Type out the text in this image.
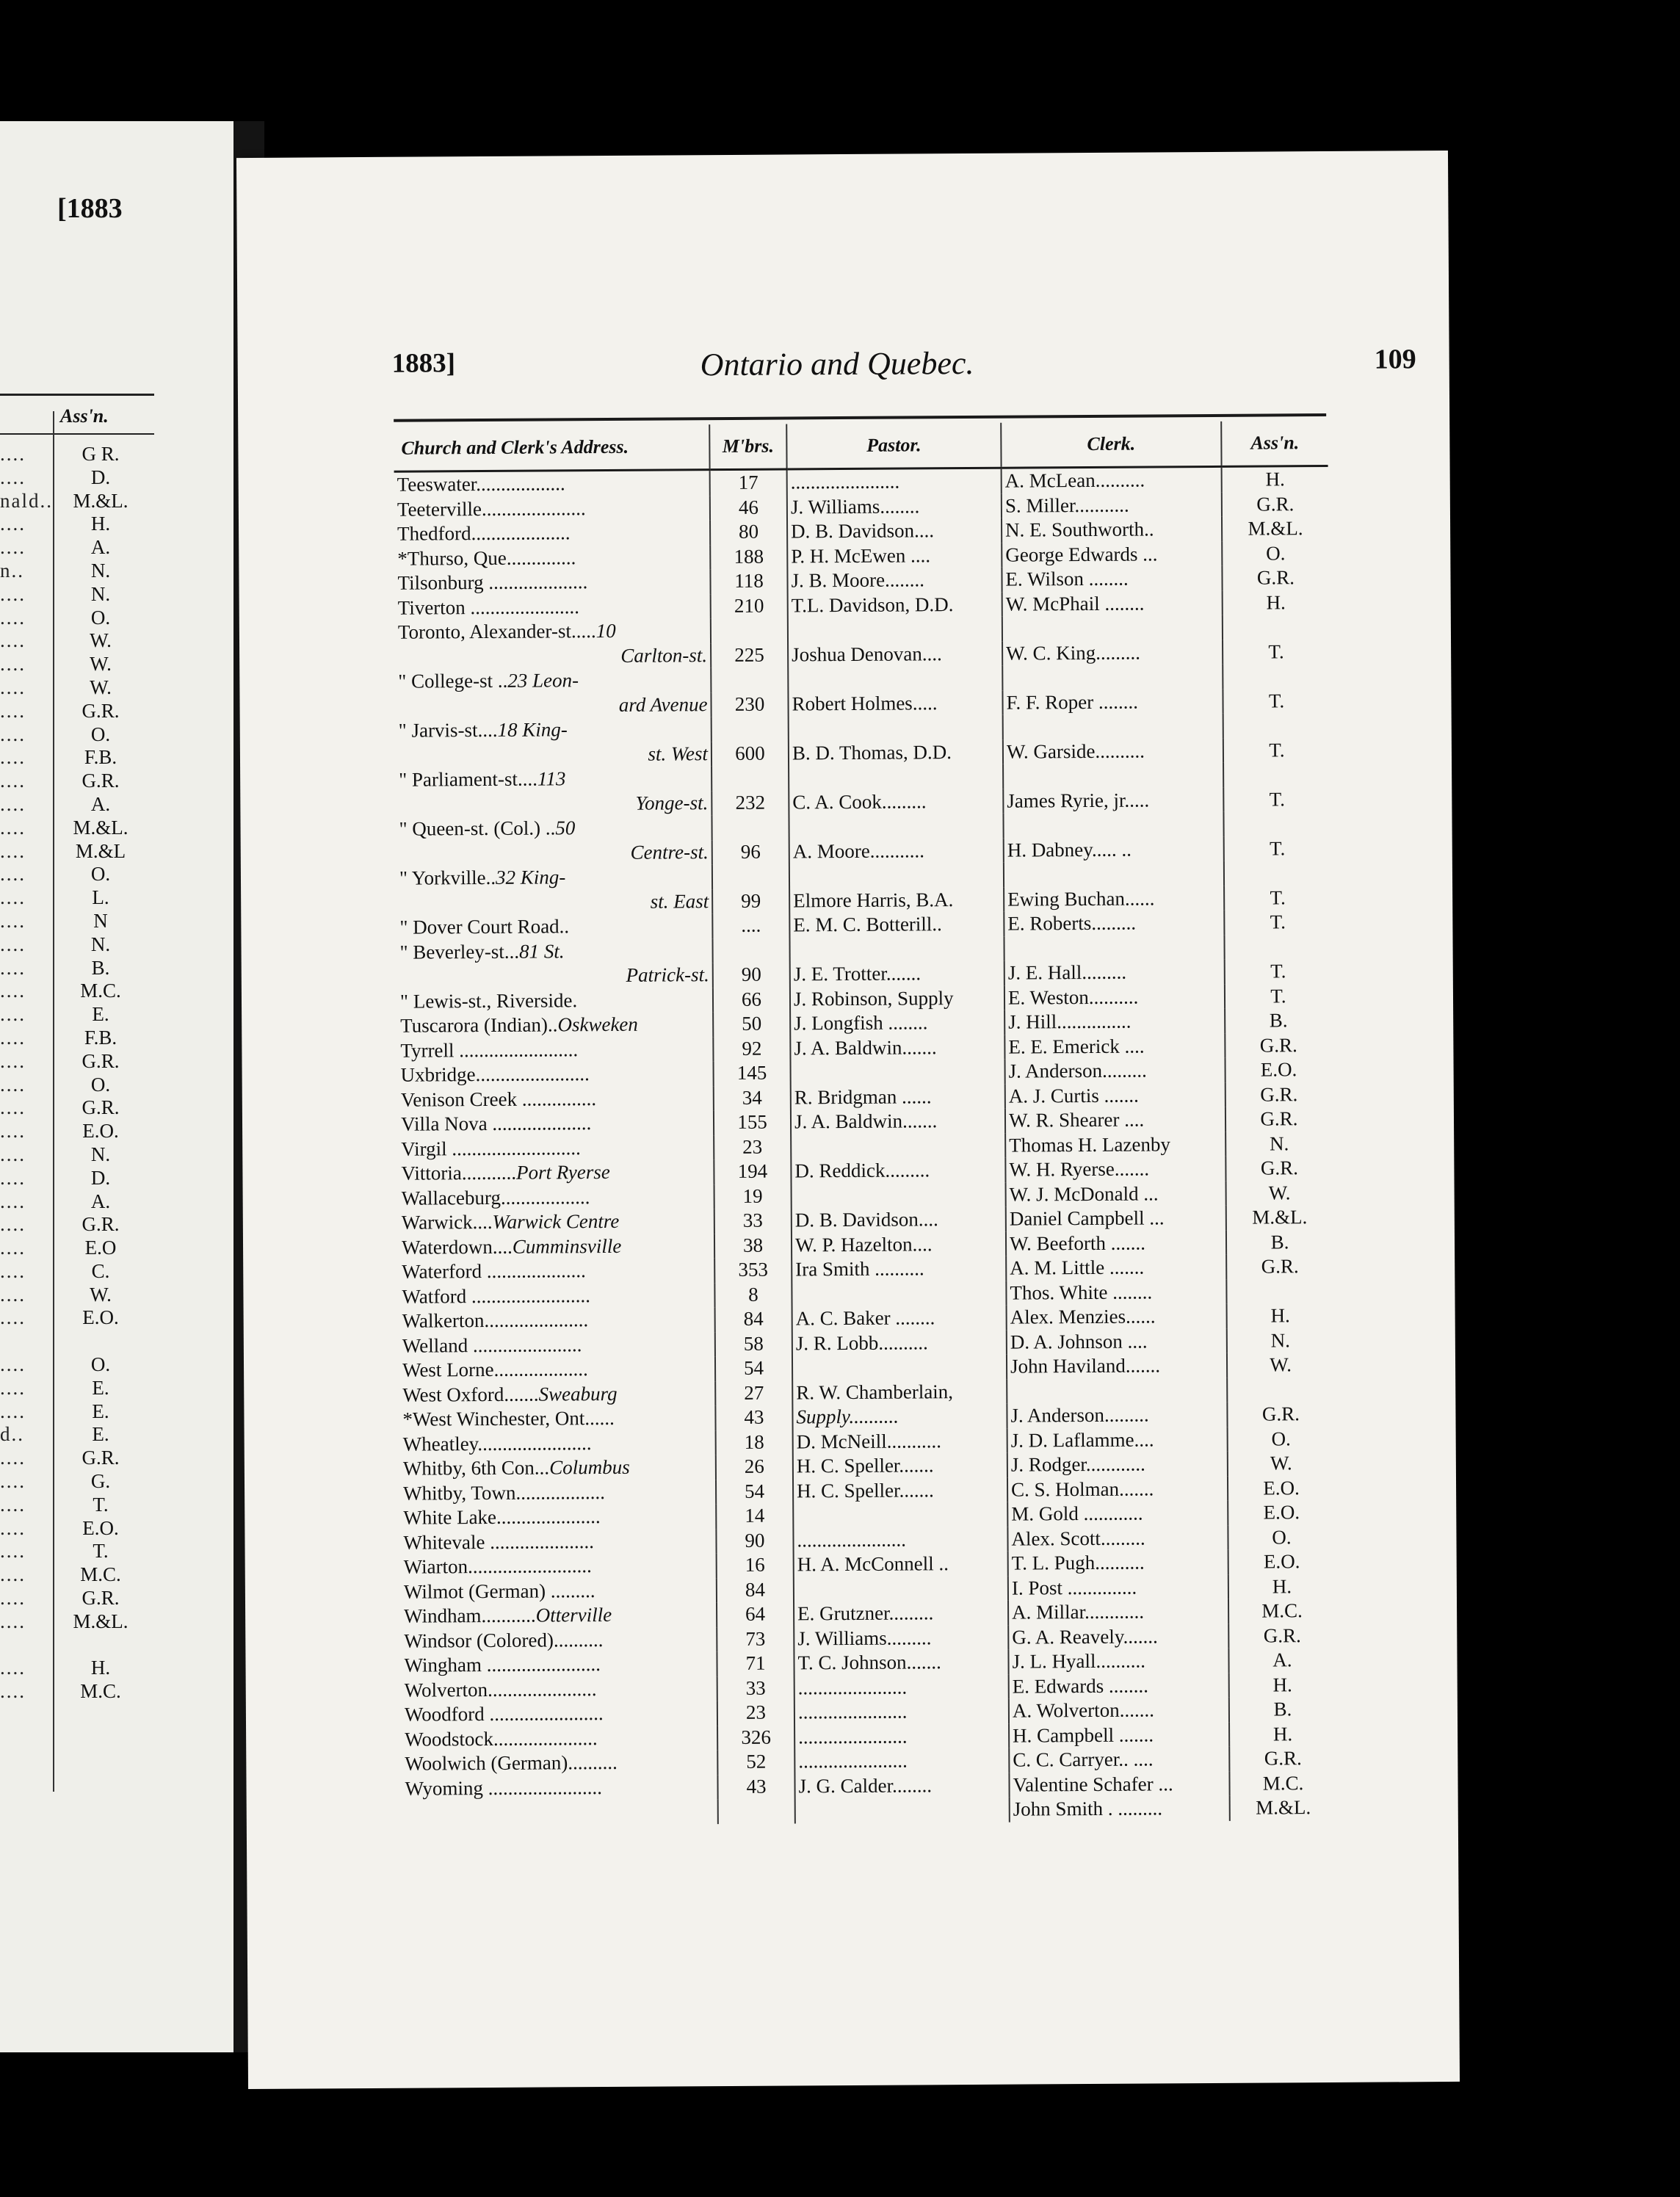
[1883
Ass'n.
....	G R.
....	D.
nald..	M.&L.
....	H.
....	A.
n..	N.
....	N.
....	O.
....	W.
....	W.
....	W.
....	G.R.
....	O.
....	F.B.
....	G.R.
....	A.
....	M.&L.
....	M.&L
....	O.
....	L.
....	N
....	N.
....	B.
....	M.C.
....	E.
....	F.B.
....	G.R.
....	O.
....	G.R.
....	E.O.
....	N.
....	D.
....	A.
....	G.R.
....	E.O
....	C.
....	W.
....	E.O.
....	O.
....	E.
....	E.
d..	E.
....	G.R.
....	G.
....	T.
....	E.O.
....	T.
....	M.C.
....	G.R.
....	M.&L.
....	H.
....	M.C.
1883]	Ontario and Quebec.	109
Church and Clerk's Address.	M'brs.	Pastor.	Clerk.	Ass'n.
Teeswater..................	17	......................	A. McLean..........	H.
Teeterville.....................	46	J. Williams........	S. Miller...........	G.R.
Thedford....................	80	D. B. Davidson....	N. E. Southworth..	M.&L.
*Thurso, Que..............	188	P. H. McEwen ....	George Edwards ...	O.
Tilsonburg ....................	118	J. B. Moore........	E. Wilson ........	G.R.
Tiverton ......................	210	T.L. Davidson, D.D.	W. McPhail ........	H.
Toronto, Alexander-st.....10				
Carlton-st.	225	Joshua Denovan....	W. C. King.........	T.
" College-st ..23 Leon-				
ard Avenue	230	Robert Holmes.....	F. F. Roper ........	T.
" Jarvis-st....18 King-				
st. West	600	B. D. Thomas, D.D.	W. Garside..........	T.
" Parliament-st....113				
Yonge-st.	232	C. A. Cook.........	James Ryrie, jr.....	T.
" Queen-st. (Col.) ..50				
Centre-st.	96	A. Moore...........	H. Dabney..... ..	T.
" Yorkville..32 King-				
st. East	99	Elmore Harris, B.A.	Ewing Buchan......	T.
" Dover Court Road..	....	E. M. C. Botterill..	E. Roberts.........	T.
" Beverley-st...81 St.				
Patrick-st.	90	J. E. Trotter.......	J. E. Hall.........	T.
" Lewis-st., Riverside.	66	J. Robinson, Supply	E. Weston..........	T.
Tuscarora (Indian)..Oskweken	50	J. Longfish ........	J. Hill...............	B.
Tyrrell ........................	92	J. A. Baldwin.......	E. E. Emerick ....	G.R.
Uxbridge.......................	145		J. Anderson.........	E.O.
Venison Creek ...............	34	R. Bridgman ......	A. J. Curtis .......	G.R.
Villa Nova ....................	155	J. A. Baldwin.......	W. R. Shearer ....	G.R.
Virgil ..........................	23		Thomas H. Lazenby	N.
Vittoria...........Port Ryerse	194	D. Reddick.........	W. H. Ryerse.......	G.R.
Wallaceburg..................	19		W. J. McDonald ...	W.
Warwick....Warwick Centre	33	D. B. Davidson....	Daniel Campbell ...	M.&L.
Waterdown....Cumminsville	38	W. P. Hazelton....	W. Beeforth .......	B.
Waterford ....................	353	Ira Smith ..........	A. M. Little .......	G.R.
Watford ........................	8		Thos. White ........	
Walkerton.....................	84	A. C. Baker ........	Alex. Menzies......	H.
Welland ......................	58	J. R. Lobb..........	D. A. Johnson ....	N.
West Lorne...................	54		John Haviland.......	W.
West Oxford.......Sweaburg	27	R. W. Chamberlain,		
*West Winchester, Ont......	43	Supply..........	J. Anderson.........	G.R.
Wheatley.......................	18	D. McNeill...........	J. D. Laflamme....	O.
Whitby, 6th Con...Columbus	26	H. C. Speller.......	J. Rodger............	W.
Whitby, Town..................	54	H. C. Speller.......	C. S. Holman.......	E.O.
White Lake.....................	14		M. Gold ............	E.O.
Whitevale .....................	90	......................	Alex. Scott.........	O.
Wiarton.........................	16	H. A. McConnell ..	T. L. Pugh..........	E.O.
Wilmot (German) .........	84		I. Post ..............	H.
Windham...........Otterville	64	E. Grutzner.........	A. Millar............	M.C.
Windsor (Colored)..........	73	J. Williams.........	G. A. Reavely.......	G.R.
Wingham .......................	71	T. C. Johnson.......	J. L. Hyall..........	A.
Wolverton......................	33	......................	E. Edwards ........	H.
Woodford .......................	23	......................	A. Wolverton.......	B.
Woodstock.....................	326	......................	H. Campbell .......	H.
Woolwich (German)..........	52	......................	C. C. Carryer.. ....	G.R.
Wyoming .......................	43	J. G. Calder........	Valentine Schafer ...	M.C.
			John Smith . .........	M.&L.
